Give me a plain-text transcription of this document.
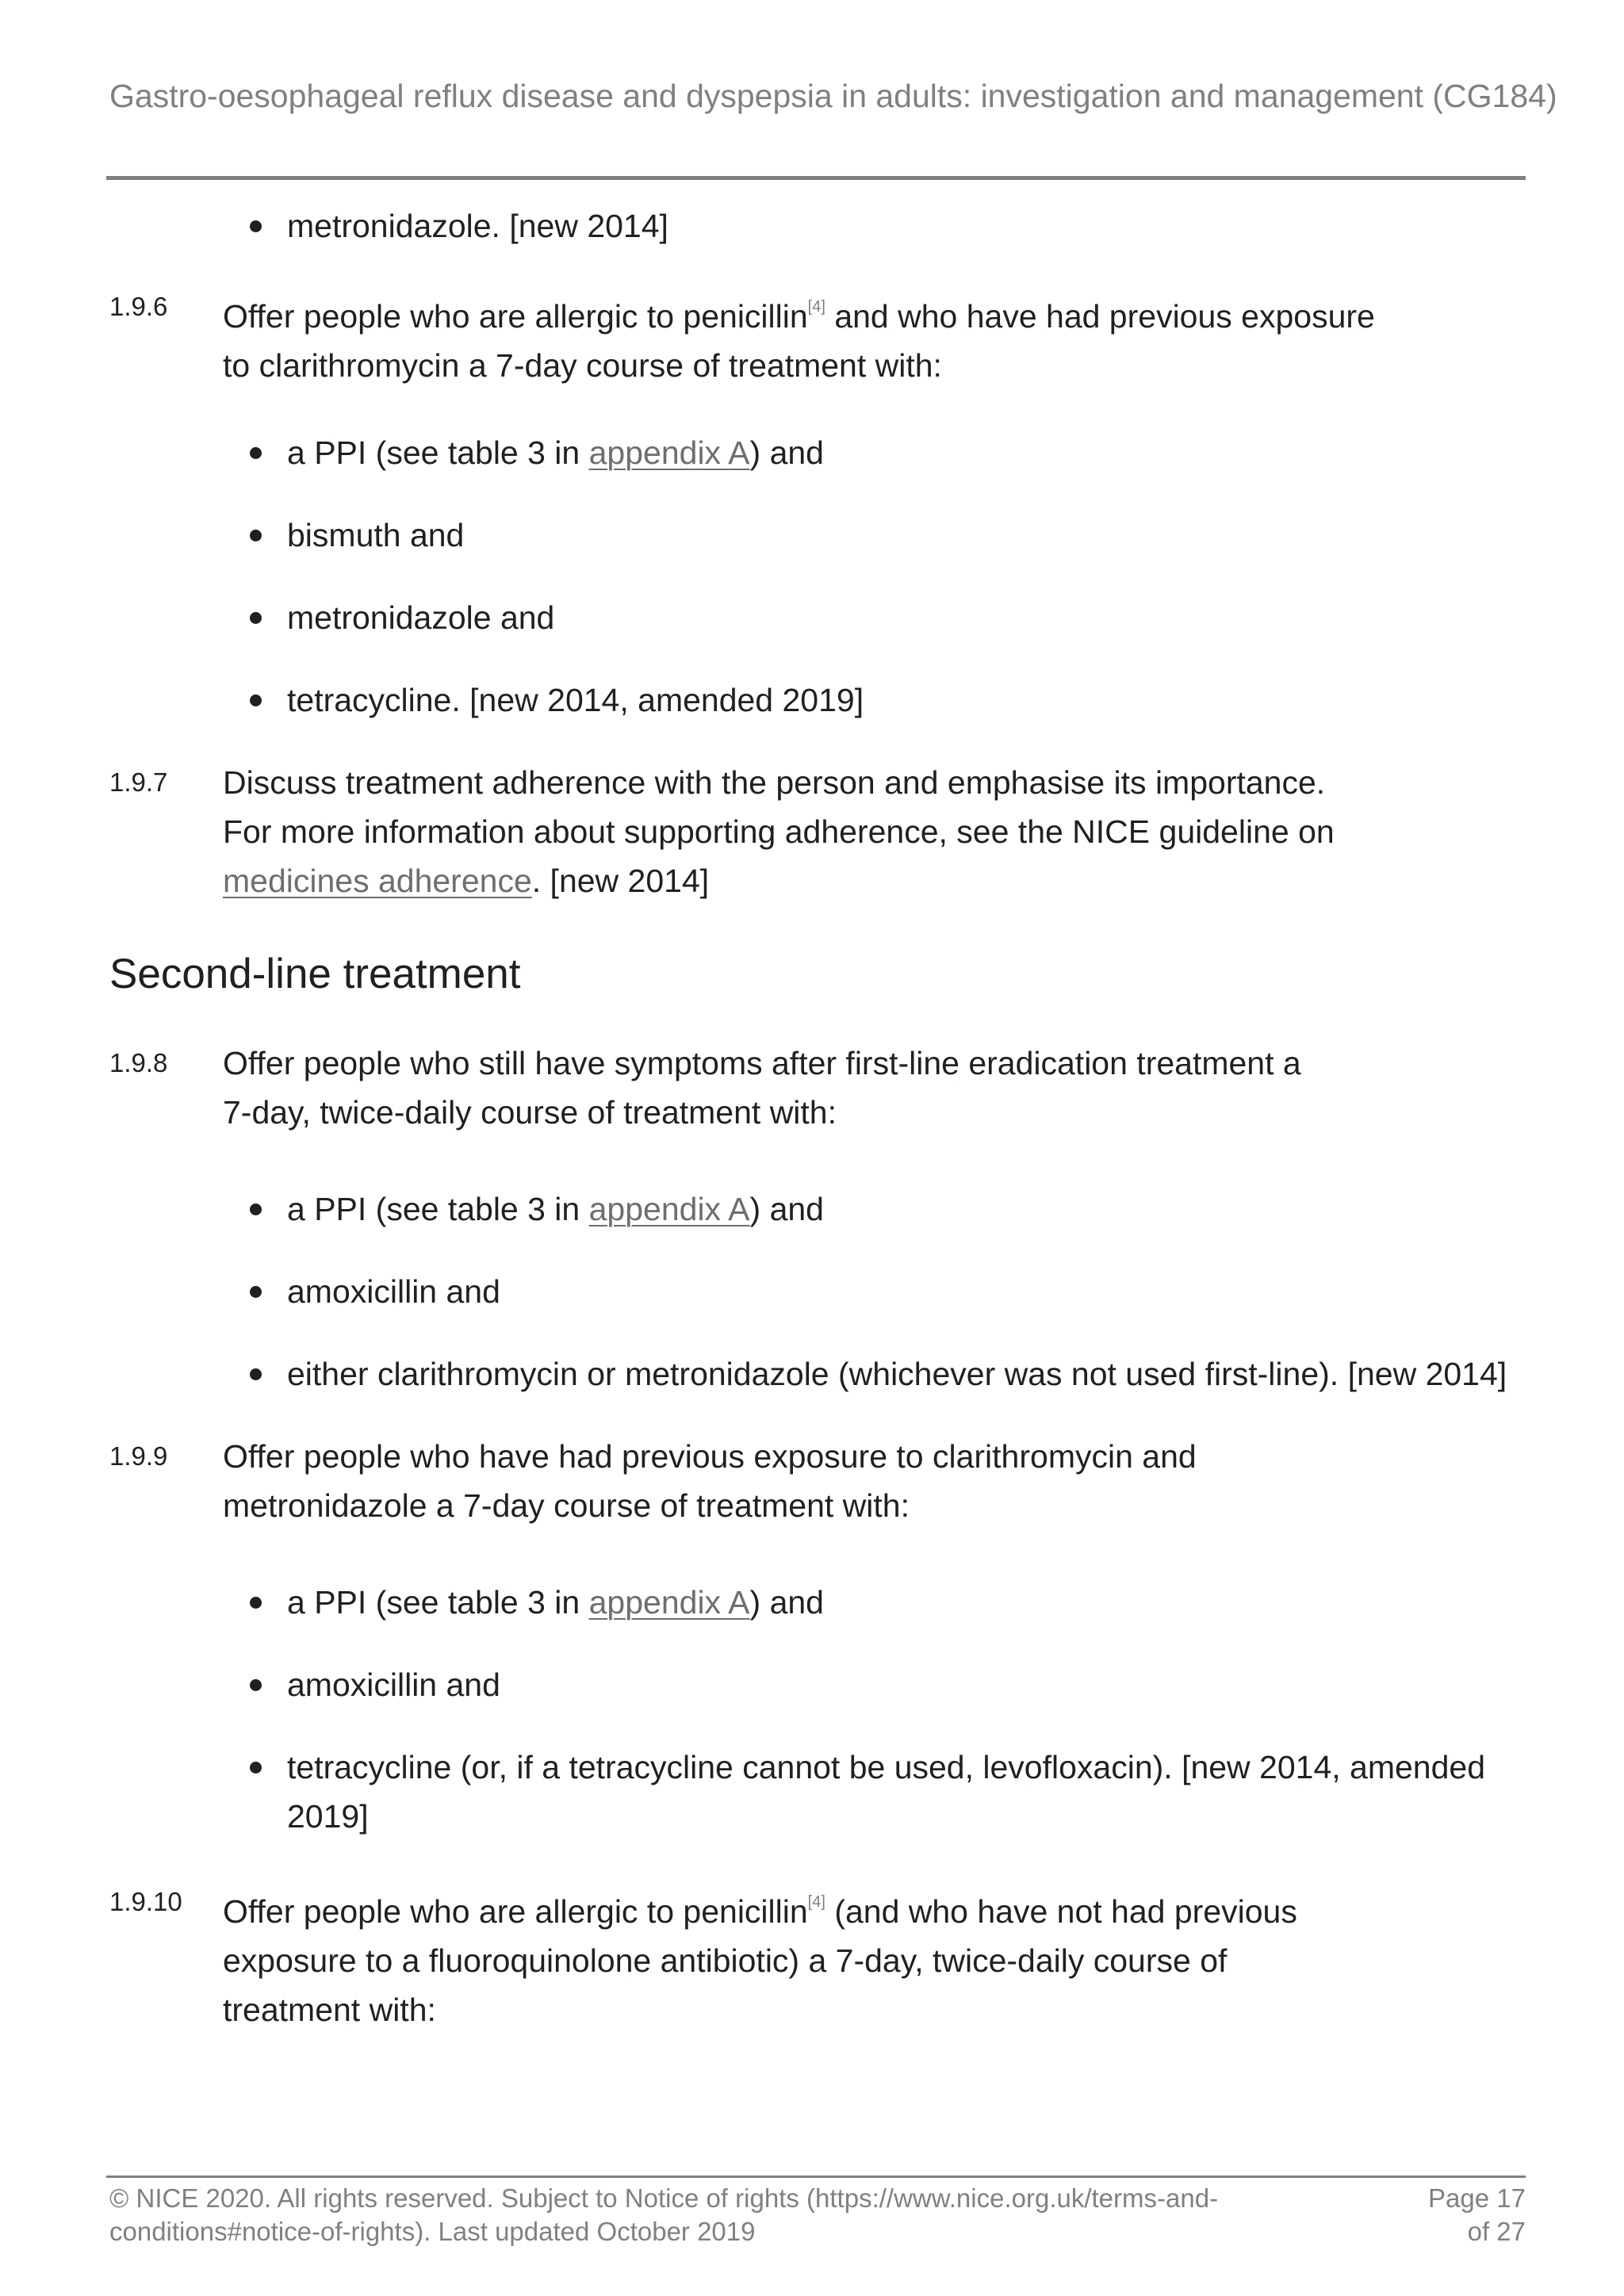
Gastro-oesophageal reflux disease and dyspepsia in adults: investigation and management (CG184)
metronidazole. [new 2014]
1.9.6 Offer people who are allergic to penicillin[4] and who have had previous exposure
to clarithromycin a 7-day course of treatment with:
a PPI (see table 3 in appendix A) and
bismuth and
metronidazole and
tetracycline. [new 2014, amended 2019]
1.9.7 Discuss treatment adherence with the person and emphasise its importance.
For more information about supporting adherence, see the NICE guideline on
medicines adherence. [new 2014]
Second-line treatment
1.9.8 Offer people who still have symptoms after first-line eradication treatment a
7-day, twice-daily course of treatment with:
a PPI (see table 3 in appendix A) and
amoxicillin and
either clarithromycin or metronidazole (whichever was not used first-line). [new 2014]
1.9.9 Offer people who have had previous exposure to clarithromycin and
metronidazole a 7-day course of treatment with:
a PPI (see table 3 in appendix A) and
amoxicillin and
tetracycline (or, if a tetracycline cannot be used, levofloxacin). [new 2014, amended
2019]
1.9.10 Offer people who are allergic to penicillin[4] (and who have not had previous
exposure to a fluoroquinolone antibiotic) a 7-day, twice-daily course of
treatment with:
© NICE 2020. All rights reserved. Subject to Notice of rights (https://www.nice.org.uk/terms-and-
conditions#notice-of-rights). Last updated October 2019
Page 17
of 27
